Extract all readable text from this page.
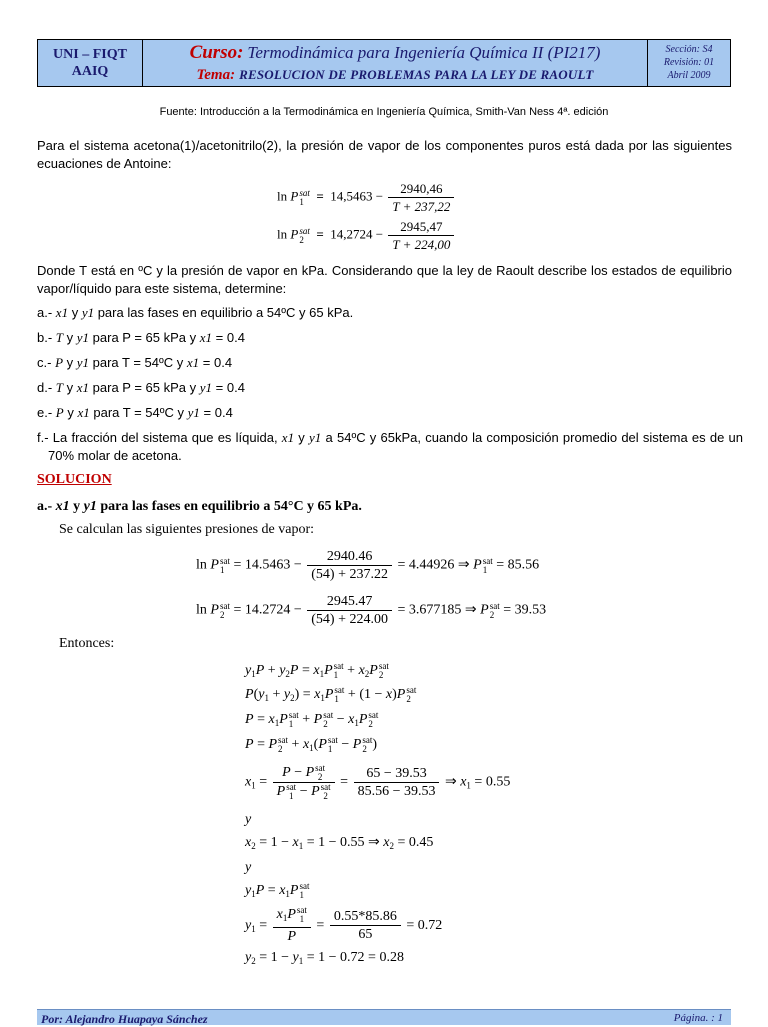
UNI – FIQT
AAIQ
Curso: Termodinámica para Ingeniería Química II (PI217)
Tema: RESOLUCION DE PROBLEMAS PARA LA LEY DE RAOULT
Sección: S4
Revisión: 01
Abril 2009
Fuente: Introducción a la Termodinámica en Ingeniería Química, Smith-Van Ness 4ª. edición
Para el sistema acetona(1)/acetonitrilo(2), la presión de vapor de los componentes puros está dada por las siguientes ecuaciones de Antoine:
ln P sat
$1 = 14,5463 - \frac{2940,46}{T + 237,22}$
ln P sat
$2 = 14,2724 - \frac{2945,47}{T + 224,00}$
Donde T está en ºC y la presión de vapor en kPa. Considerando que la ley de Raoult describe los estados de equilibrio vapor/líquido para este sistema, determine:
a.- x1 y y1 para las fases en equilibrio a 54ºC y 65 kPa.
b.- T y y1 para P = 65 kPa y x1 = 0.4
c.- P y y1 para T = 54ºC y x1 = 0.4
d.- T y x1 para P = 65 kPa y y1 = 0.4
e.- P y x1 para T = 54ºC y y1 = 0.4
f.- La fracción del sistema que es líquida, x1 y y1 a 54ºC y 65kPa, cuando la composición promedio del sistema es de un 70% molar de acetona.
SOLUCION
a.- x1 y y1 para las fases en equilibrio a 54°C y 65 kPa.
Se calculan las siguientes presiones de vapor:
ln P sat
$1 = 14.5463 - \frac{2940.46}{(54) + 237.22} = 4.44926$ ⇒ P sat
1 = 85.56
ln P sat
$2 = 14.2724 - \frac{2945.47}{(54) + 224.00} = 3.677185$ ⇒ P sat
2 = 39.53
Entonces:
$y_1P + y_2P = x_1P$ sat
$1 + x_2P$ sat
2
$P(y_1 + y_2) = x_1P$ sat
1 + (1 − x)P sat
2
$P = x_1P$ sat
1 + P sat
$2 - x_1P$ sat
2
P = P sat
$2 + x_1(P$ sat
1 − P sat
2 )
$x_1 = P - P$ sat
2
P sat
1 − P sat
$2 = \frac{65 - 39.53}{85.56 - 39.53}$ ⇒ $x_1 = 0.55$
y
$x_2 = 1 - x_1 = 1 - 0.55$ ⇒ $x_2 = 0.45$
y
$y_1P = x_1P$ sat
1
$y_1 = x_1P$ sat
1
$P = \frac{0.55*85.86}{65} = 0.72$
$y_2 = 1 - y_1 = 1 - 0.72 = 0.28$
Por: Alejandro Huapaya Sánchez	Página. : 1
